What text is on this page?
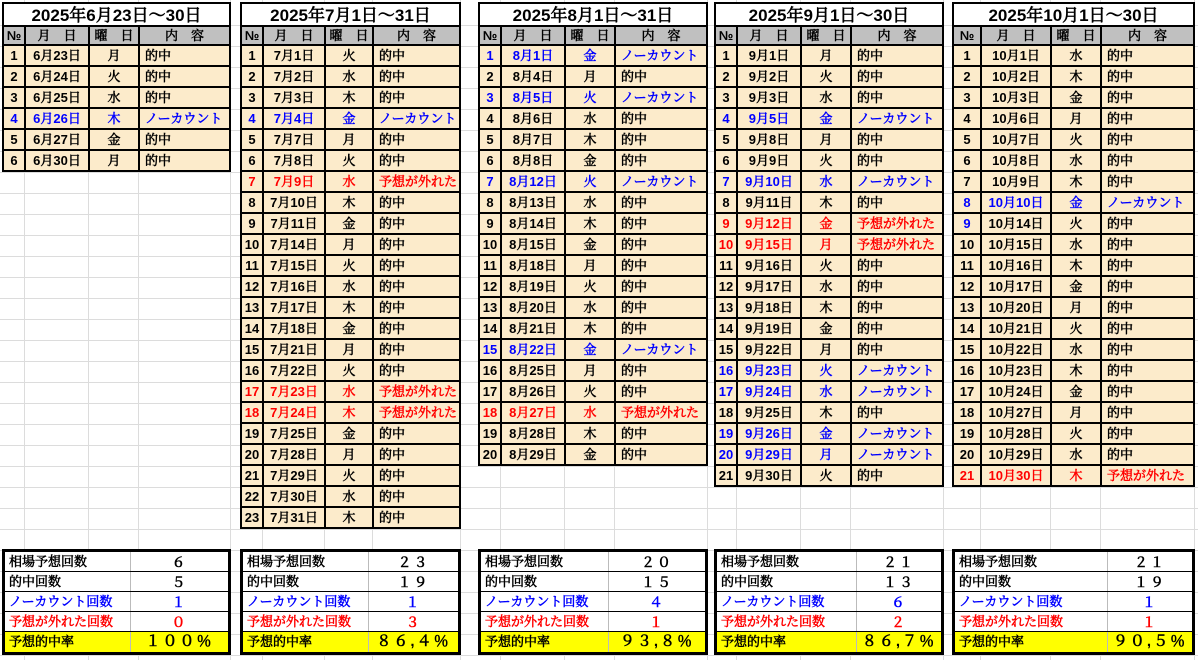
2025年6月23日〜30日
№	月　日	曜　日	内　容
1	6月23日	月	的中
2	6月24日	火	的中
3	6月25日	水	的中
4	6月26日	木	ノーカウント
5	6月27日	金	的中
6	6月30日	月	的中
相場予想回数	６
的中回数	５
ノーカウント回数	１
予想が外れた回数	０
予想的中率	１００％
2025年7月1日〜31日
№	月　日	曜　日	内　容
1	7月1日	火	的中
2	7月2日	水	的中
3	7月3日	木	的中
4	7月4日	金	ノーカウント
5	7月7日	月	的中
6	7月8日	火	的中
7	7月9日	水	予想が外れた
8	7月10日	木	的中
9	7月11日	金	的中
10	7月14日	月	的中
11	7月15日	火	的中
12	7月16日	水	的中
13	7月17日	木	的中
14	7月18日	金	的中
15	7月21日	月	的中
16	7月22日	火	的中
17	7月23日	水	予想が外れた
18	7月24日	木	予想が外れた
19	7月25日	金	的中
20	7月28日	月	的中
21	7月29日	火	的中
22	7月30日	水	的中
23	7月31日	木	的中
相場予想回数	２３
的中回数	１９
ノーカウント回数	１
予想が外れた回数	３
予想的中率	８６,４％
2025年8月1日〜31日
№	月　日	曜　日	内　容
1	8月1日	金	ノーカウント
2	8月4日	月	的中
3	8月5日	火	ノーカウント
4	8月6日	水	的中
5	8月7日	木	的中
6	8月8日	金	的中
7	8月12日	火	ノーカウント
8	8月13日	水	的中
9	8月14日	木	的中
10	8月15日	金	的中
11	8月18日	月	的中
12	8月19日	火	的中
13	8月20日	水	的中
14	8月21日	木	的中
15	8月22日	金	ノーカウント
16	8月25日	月	的中
17	8月26日	火	的中
18	8月27日	水	予想が外れた
19	8月28日	木	的中
20	8月29日	金	的中
相場予想回数	２０
的中回数	１５
ノーカウント回数	４
予想が外れた回数	１
予想的中率	９３,８％
2025年9月1日〜30日
№	月　日	曜　日	内　容
1	9月1日	月	的中
2	9月2日	火	的中
3	9月3日	水	的中
4	9月5日	金	ノーカウント
5	9月8日	月	的中
6	9月9日	火	的中
7	9月10日	水	ノーカウント
8	9月11日	木	的中
9	9月12日	金	予想が外れた
10	9月15日	月	予想が外れた
11	9月16日	火	的中
12	9月17日	水	的中
13	9月18日	木	的中
14	9月19日	金	的中
15	9月22日	月	的中
16	9月23日	火	ノーカウント
17	9月24日	水	ノーカウント
18	9月25日	木	的中
19	9月26日	金	ノーカウント
20	9月29日	月	ノーカウント
21	9月30日	火	的中
相場予想回数	２１
的中回数	１３
ノーカウント回数	６
予想が外れた回数	２
予想的中率	８６,７％
2025年10月1日〜30日
№	月　日	曜　日	内　容
1	10月1日	水	的中
2	10月2日	木	的中
3	10月3日	金	的中
4	10月6日	月	的中
5	10月7日	火	的中
6	10月8日	水	的中
7	10月9日	木	的中
8	10月10日	金	ノーカウント
9	10月14日	火	的中
10	10月15日	水	的中
11	10月16日	木	的中
12	10月17日	金	的中
13	10月20日	月	的中
14	10月21日	火	的中
15	10月22日	水	的中
16	10月23日	木	的中
17	10月24日	金	的中
18	10月27日	月	的中
19	10月28日	火	的中
20	10月29日	水	的中
21	10月30日	木	予想が外れた
相場予想回数	２１
的中回数	１９
ノーカウント回数	１
予想が外れた回数	１
予想的中率	９０,５％
